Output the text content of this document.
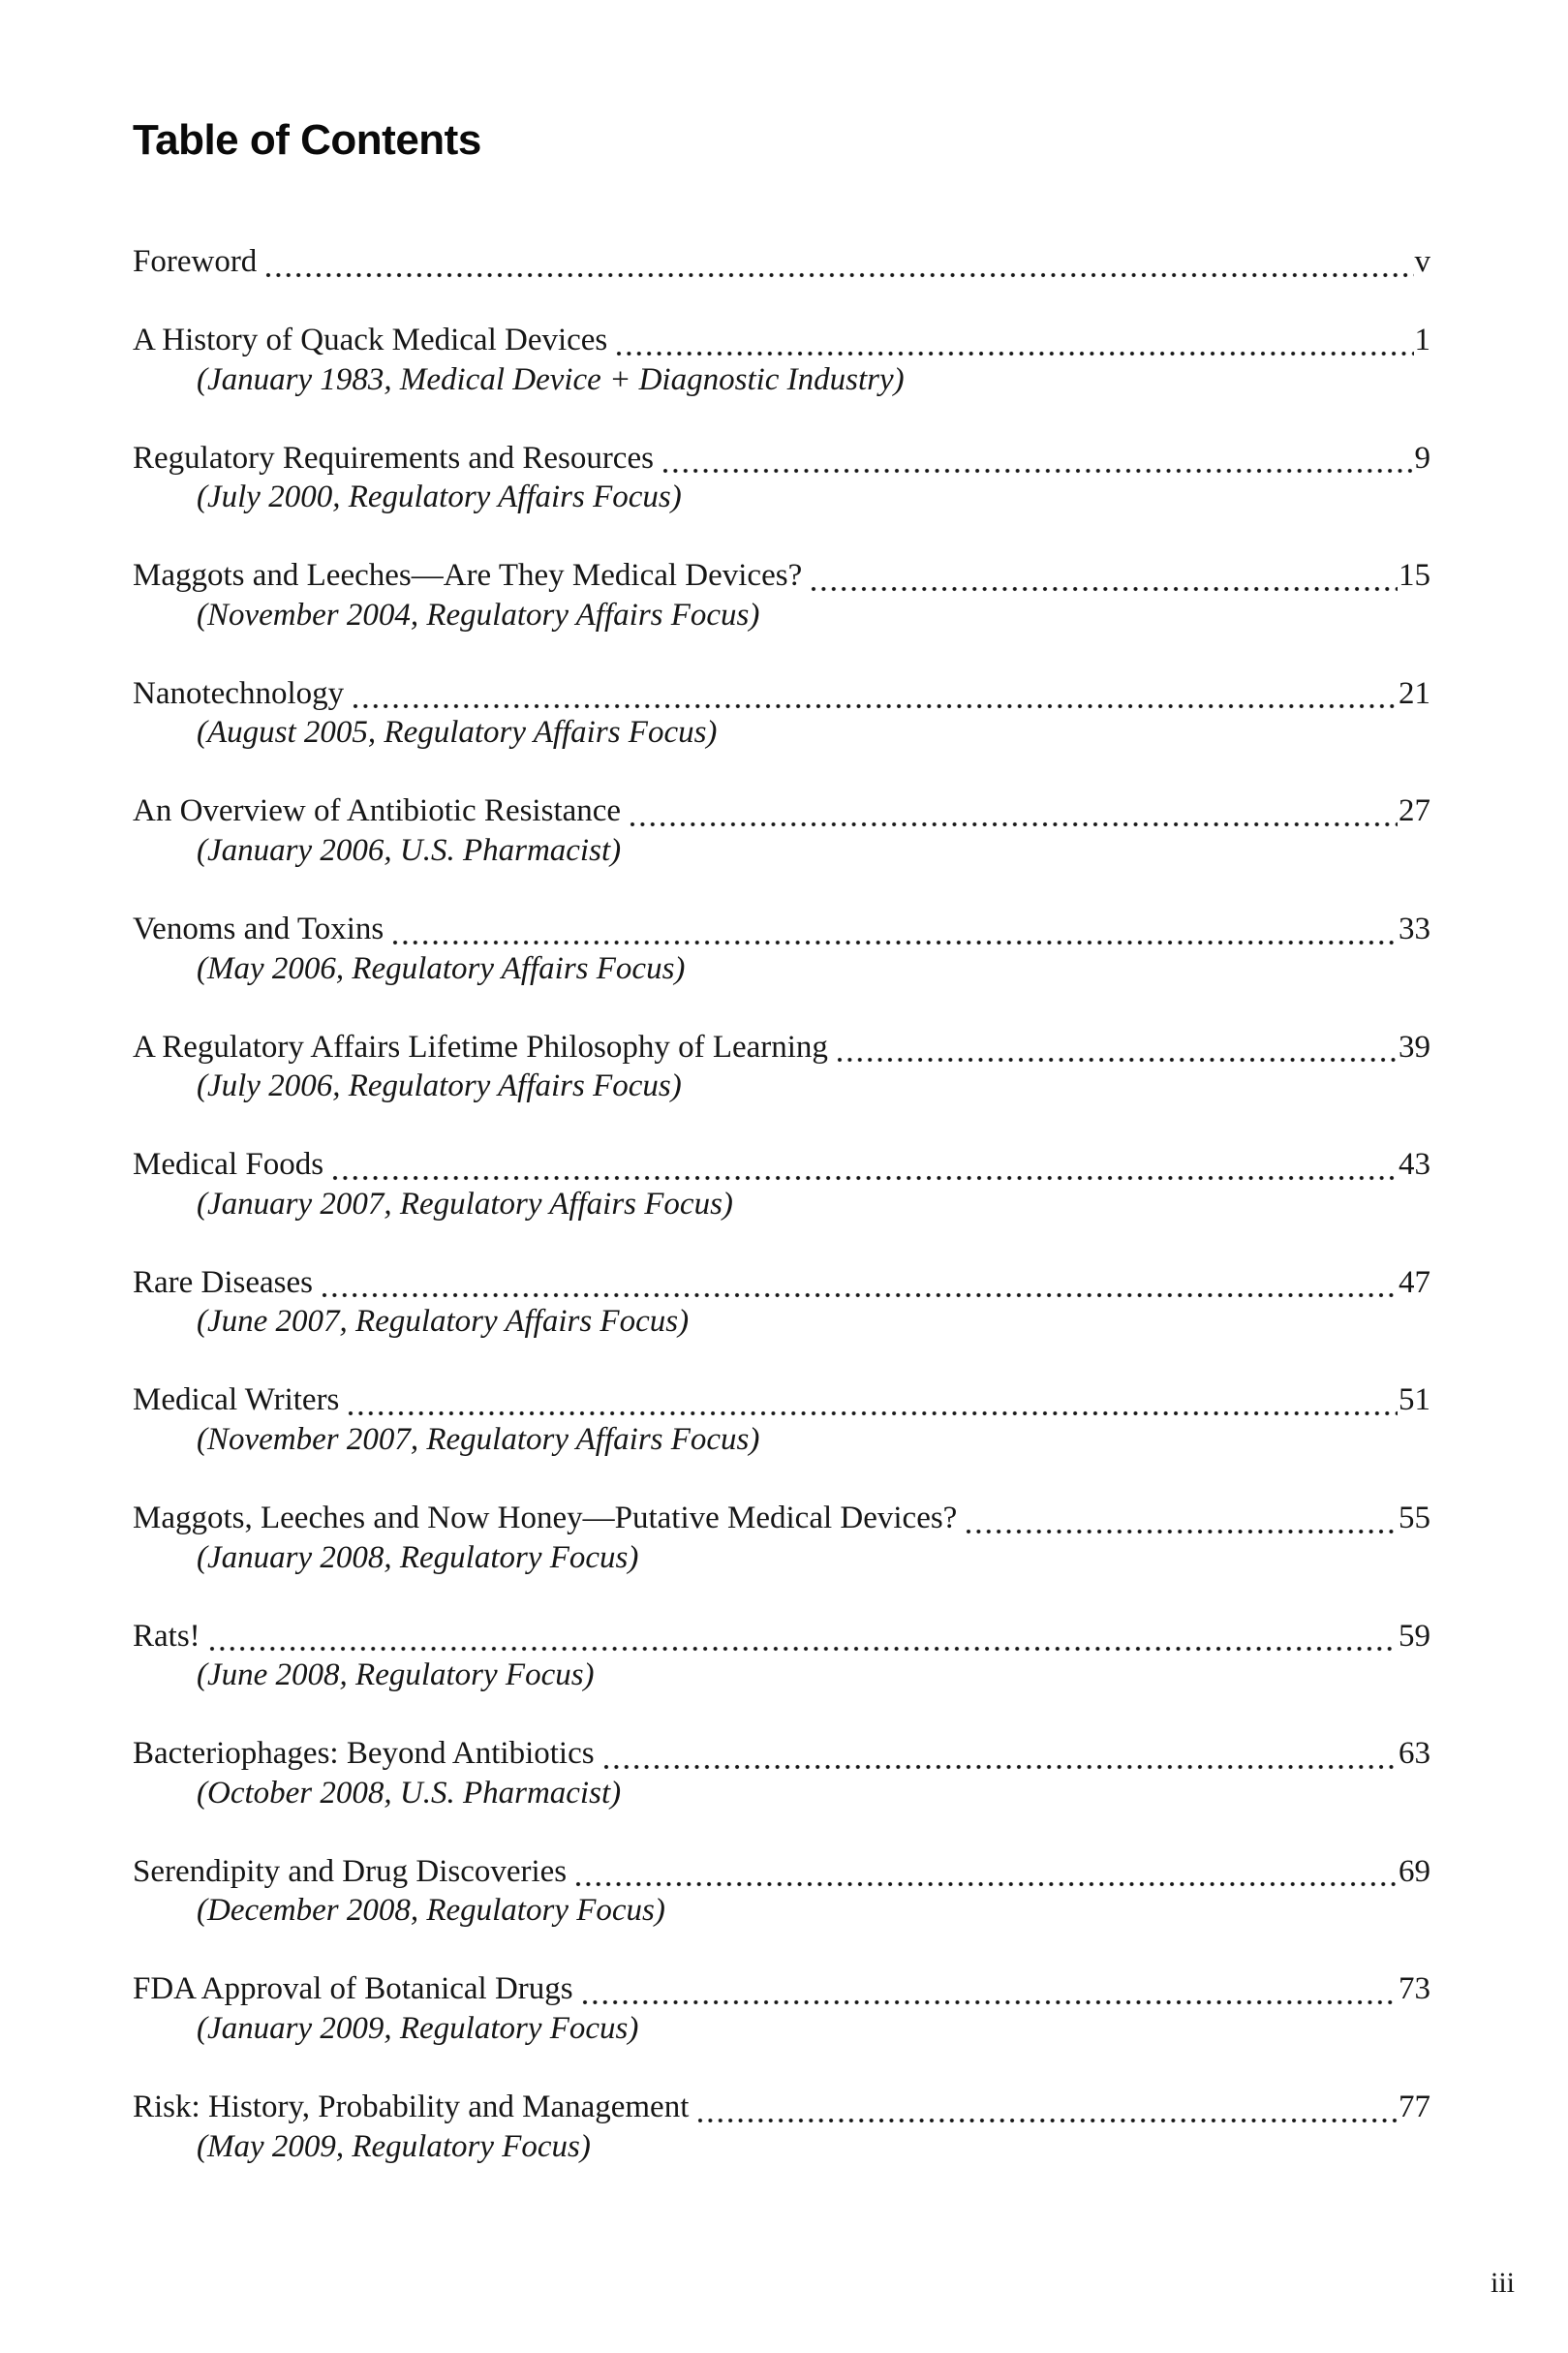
Table of Contents
Foreword	v
A History of Quack Medical Devices	1
(January 1983, Medical Device + Diagnostic Industry)
Regulatory Requirements and Resources	9
(July 2000, Regulatory Affairs Focus)
Maggots and Leeches—Are They Medical Devices?	15
(November 2004, Regulatory Affairs Focus)
Nanotechnology	21
(August 2005, Regulatory Affairs Focus)
An Overview of Antibiotic Resistance	27
(January 2006, U.S. Pharmacist)
Venoms and Toxins	33
(May 2006, Regulatory Affairs Focus)
A Regulatory Affairs Lifetime Philosophy of Learning	39
(July 2006, Regulatory Affairs Focus)
Medical Foods	43
(January 2007, Regulatory Affairs Focus)
Rare Diseases	47
(June 2007, Regulatory Affairs Focus)
Medical Writers	51
(November 2007, Regulatory Affairs Focus)
Maggots, Leeches and Now Honey—Putative Medical Devices?	55
(January 2008, Regulatory Focus)
Rats!	59
(June 2008, Regulatory Focus)
Bacteriophages: Beyond Antibiotics	63
(October 2008, U.S. Pharmacist)
Serendipity and Drug Discoveries	69
(December 2008, Regulatory Focus)
FDA Approval of Botanical Drugs	73
(January 2009, Regulatory Focus)
Risk: History, Probability and Management	77
(May 2009, Regulatory Focus)
iii
